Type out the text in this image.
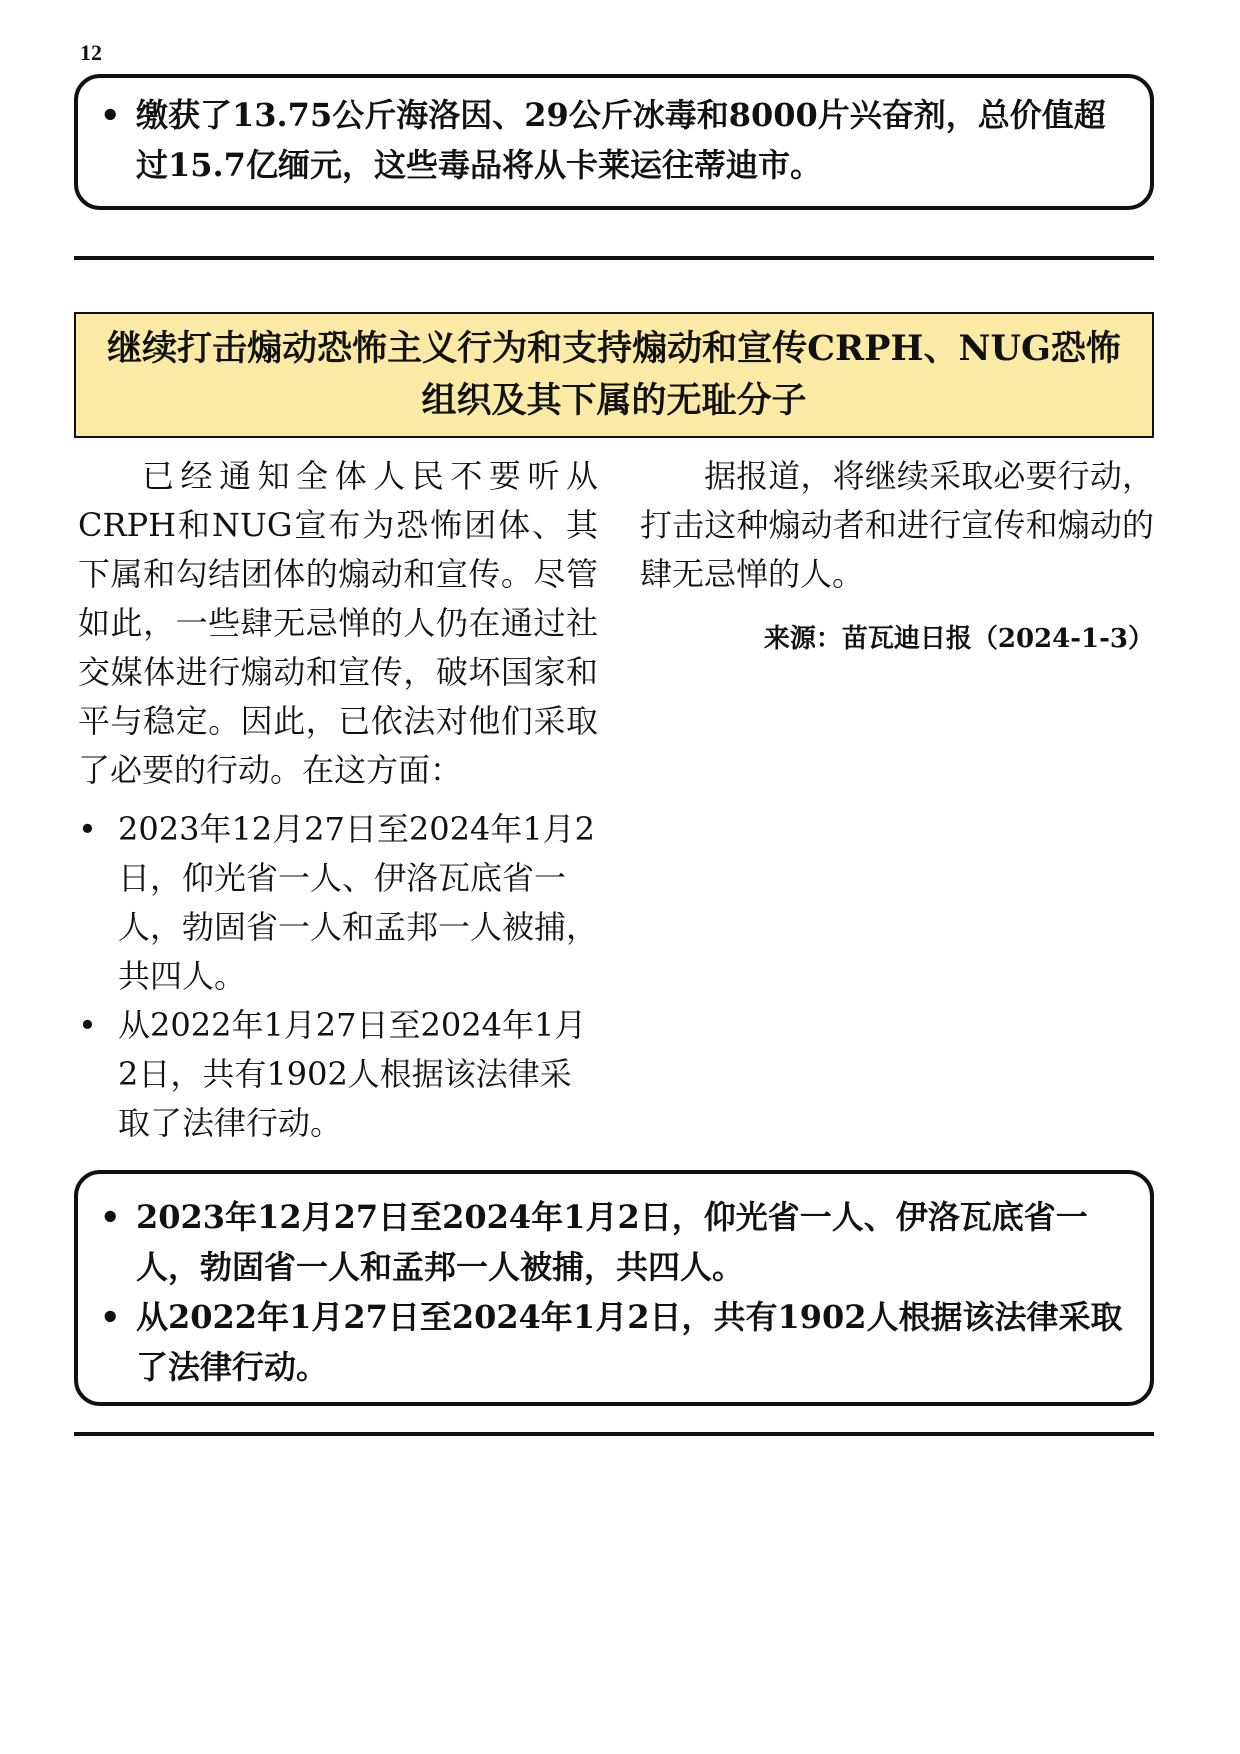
12
• 缴获了13.75公斤海洛因、29公斤冰毒和8000片兴奋剂，总价值超过15.7亿缅元，这些毒品将从卡莱运往蒂迪市。
继续打击煽动恐怖主义行为和支持煽动和宣传CRPH、NUG恐怖组织及其下属的无耻分子

已经通知全体人民不要听从CRPH和NUG宣布为恐怖团体、其下属和勾结团体的煽动和宣传。尽管如此，一些肆无忌惮的人仍在通过社交媒体进行煽动和宣传，破坏国家和平与稳定。因此，已依法对他们采取了必要的行动。在这方面：

• 2023年12月27日至2024年1月2日，仰光省一人、伊洛瓦底省一人，勃固省一人和孟邦一人被捕，共四人。
• 从2022年1月27日至2024年1月2日，共有1902人根据该法律采取了法律行动。

据报道，将继续采取必要行动，打击这种煽动者和进行宣传和煽动的肆无忌惮的人。

来源：苗瓦迪日报（2024-1-3）
• 2023年12月27日至2024年1月2日，仰光省一人、伊洛瓦底省一人，勃固省一人和孟邦一人被捕，共四人。
• 从2022年1月27日至2024年1月2日，共有1902人根据该法律采取了法律行动。
